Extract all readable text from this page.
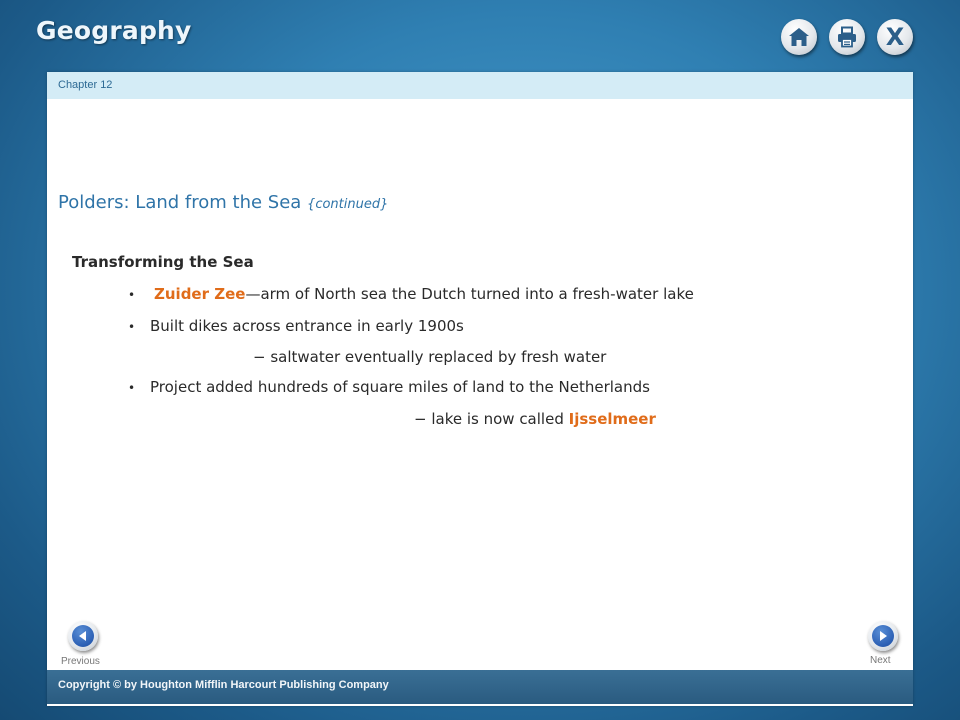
Geography	X
Chapter 12
Polders: Land from the Sea {continued}
Transforming the Sea
• Zuider Zee—arm of North sea the Dutch turned into a fresh-water lake
• Built dikes across entrance in early 1900s
− saltwater eventually replaced by fresh water
• Project added hundreds of square miles of land to the Netherlands
− lake is now called Ijsselmeer
Previous	Next
Copyright © by Houghton Mifflin Harcourt Publishing Company
